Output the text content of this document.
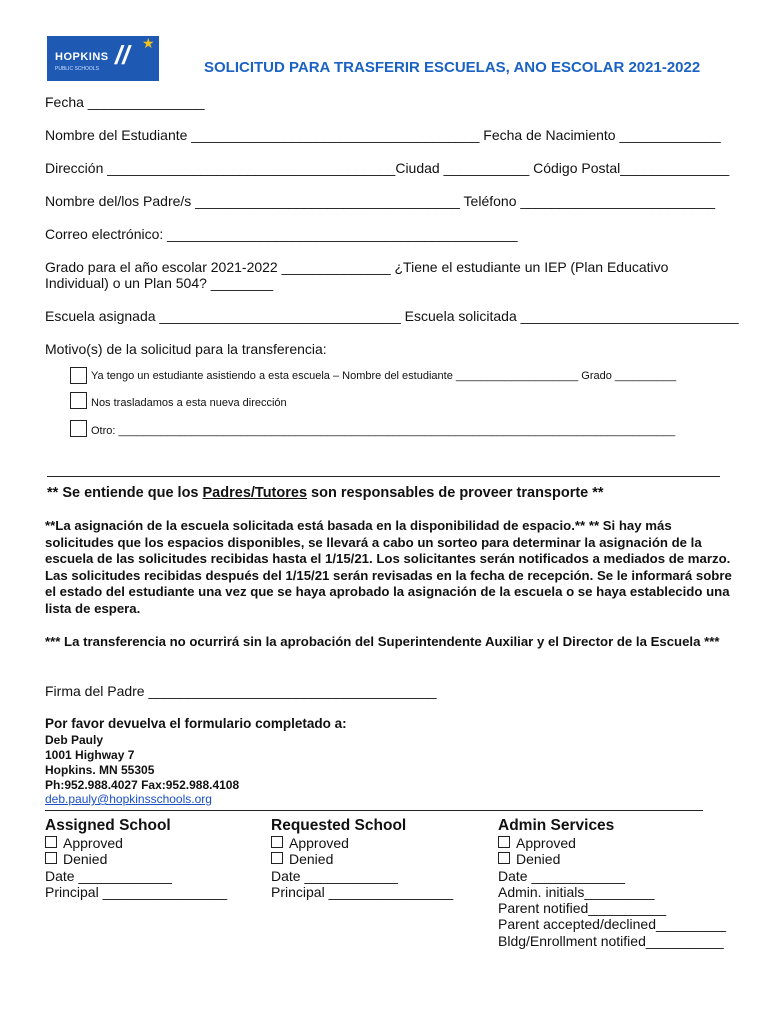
HOPKINS
PUBLIC SCHOOLS // ★
SOLICITUD PARA TRASFERIR ESCUELAS, ANO ESCOLAR 2021-2022
Fecha _______________
Nombre del Estudiante _____________________________________ Fecha de Nacimiento _____________
Dirección _____________________________________Ciudad ___________ Código Postal______________
Nombre del/los Padre/s __________________________________ Teléfono _________________________
Correo electrónico: _____________________________________________
Grado para el año escolar 2021-2022 ______________ ¿Tiene el estudiante un IEP (Plan Educativo
Individual) o un Plan 504? ________
Escuela asignada _______________________________ Escuela solicitada ____________________________
Motivo(s) de la solicitud para la transferencia:
Ya tengo un estudiante asistiendo a esta escuela – Nombre del estudiante ____________________ Grado __________
Nos trasladamos a esta nueva dirección
Otro: ___________________________________________________________________________________________
** Se entiende que los Padres/Tutores son responsables de proveer transporte **
**La asignación de la escuela solicitada está basada en la disponibilidad de espacio.** ** Si hay más solicitudes que los espacios disponibles, se llevará a cabo un sorteo para determinar la asignación de la escuela de las solicitudes recibidas hasta el 1/15/21. Los solicitantes serán notificados a mediados de marzo. Las solicitudes recibidas después del 1/15/21 serán revisadas en la fecha de recepción. Se le informará sobre el estado del estudiante una vez que se haya aprobado la asignación de la escuela o se haya establecido una lista de espera.
*** La transferencia no ocurrirá sin la aprobación del Superintendente Auxiliar y el Director de la Escuela ***
Firma del Padre _____________________________________
Por favor devuelva el formulario completado a:
Deb Pauly
1001 Highway 7
Hopkins. MN 55305
Ph:952.988.4027 Fax:952.988.4108
deb.pauly@hopkinsschools.org
Assigned School
Approved
Denied
Date ____________
Principal ________________
Requested School
Approved
Denied
Date ____________
Principal ________________
Admin Services
Approved
Denied
Date ____________
Admin. initials_________
Parent notified__________
Parent accepted/declined_________
Bldg/Enrollment notified__________
